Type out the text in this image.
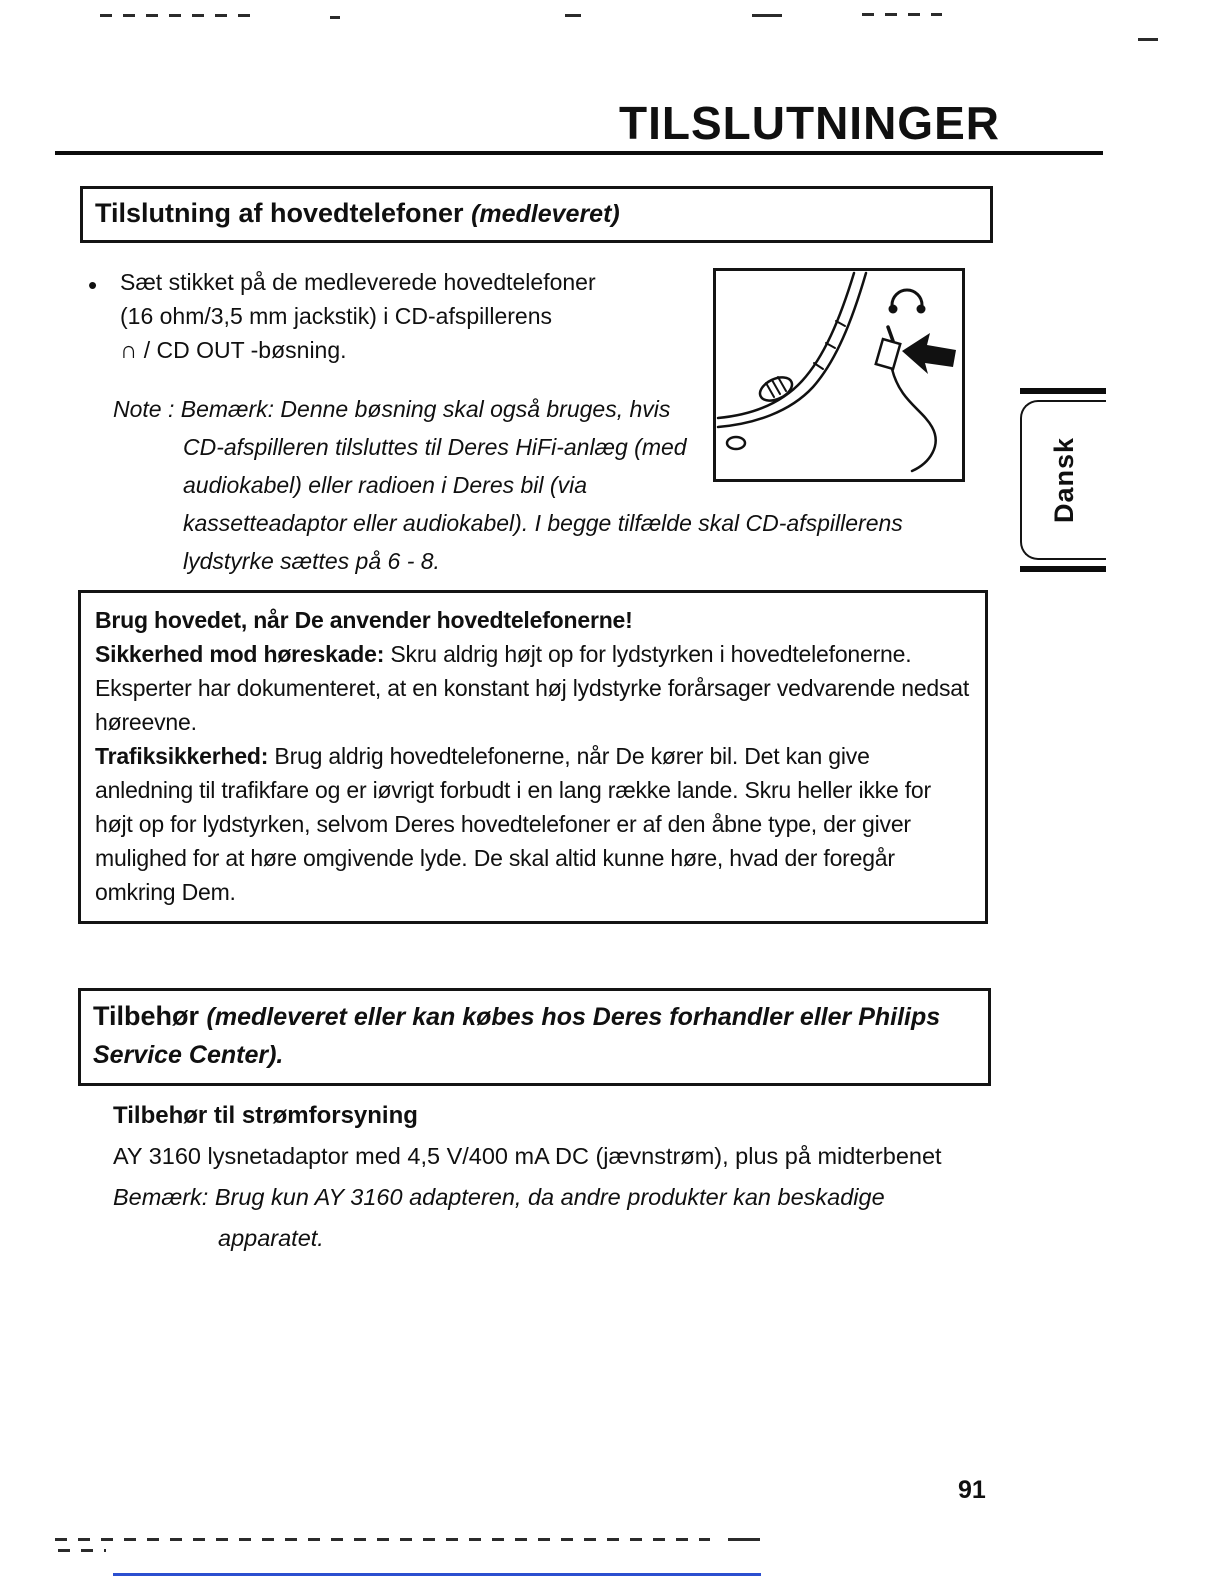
TILSLUTNINGER
Tilslutning af hovedtelefoner (medleveret)
• Sæt stikket på de medleverede hovedtelefoner
(16 ohm/3,5 mm jackstik) i CD-afspillerens
∩ / CD OUT -bøsning.
Note : Bemærk: Denne bøsning skal også bruges, hvis
CD-afspilleren tilsluttes til Deres HiFi-anlæg (med
audiokabel) eller radioen i Deres bil (via
kassetteadaptor eller audiokabel). I begge tilfælde skal CD-afspillerens
lydstyrke sættes på 6 - 8.
Dansk

Brug hovedet, når De anvender hovedtelefonerne!
Sikkerhed mod høreskade: Skru aldrig højt op for lydstyrken i hovedtelefonerne. Eksperter har dokumenteret, at en konstant høj lydstyrke forårsager vedvarende nedsat høreevne.
Trafiksikkerhed: Brug aldrig hovedtelefonerne, når De kører bil. Det kan give anledning til trafikfare og er iøvrigt forbudt i en lang række lande. Skru heller ikke for højt op for lydstyrken, selvom Deres hovedtelefoner er af den åbne type, der giver mulighed for at høre omgivende lyde. De skal altid kunne høre, hvad der foregår omkring Dem.

Tilbehør (medleveret eller kan købes hos Deres forhandler eller Philips Service Center).
Tilbehør til strømforsyning
AY 3160 lysnetadaptor med 4,5 V/400 mA DC (jævnstrøm), plus på midterbenet
Bemærk: Brug kun AY 3160 adapteren, da andre produkter kan beskadige
apparatet.
91
